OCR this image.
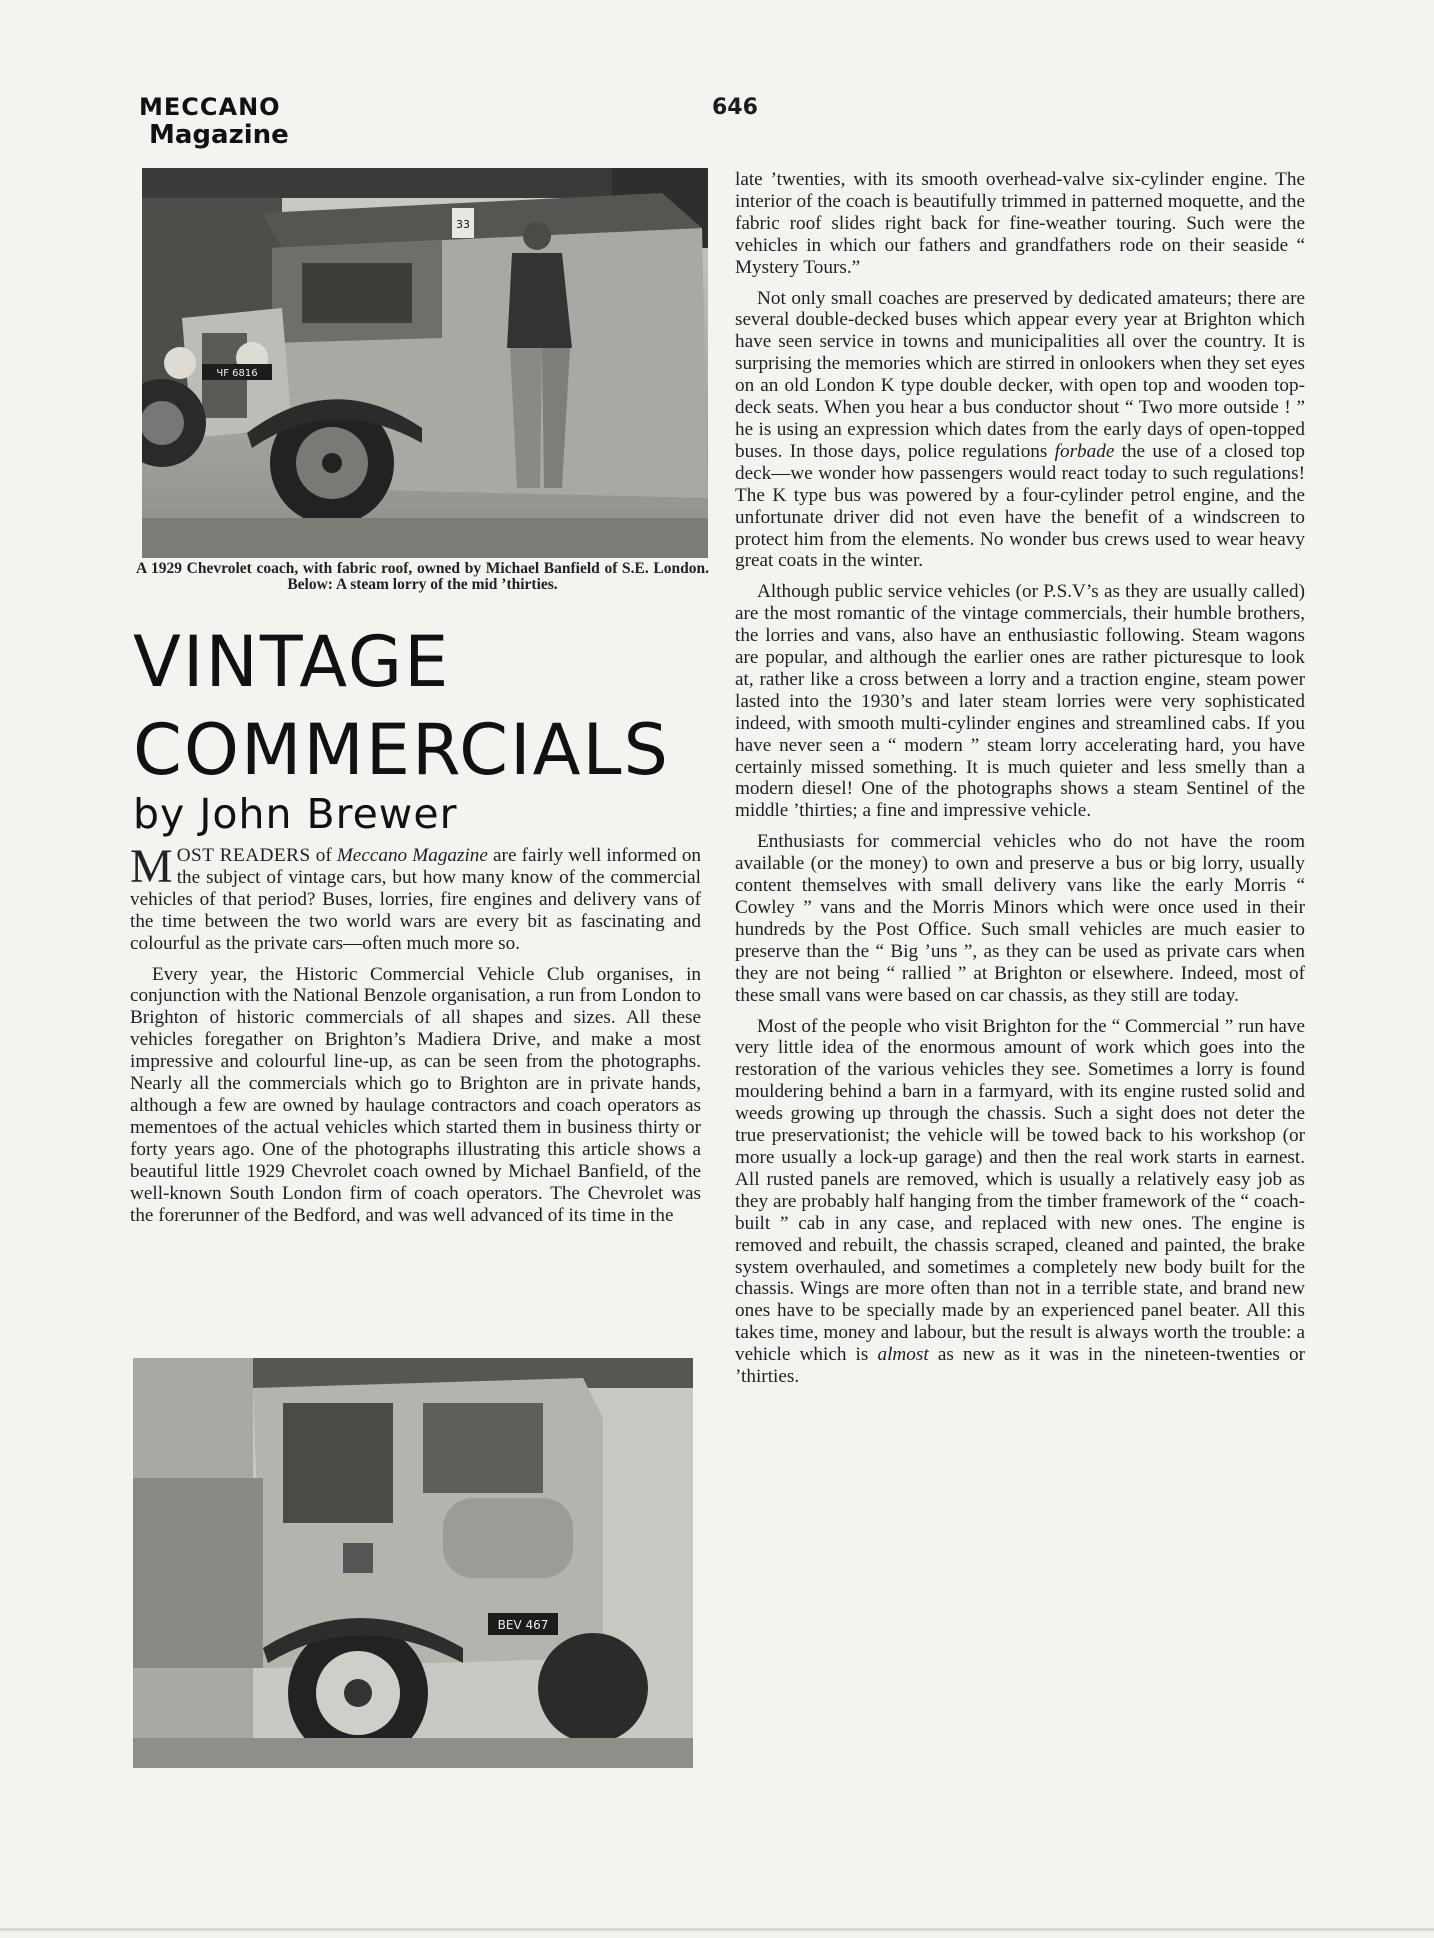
MECCANO
Magazine
646
ЧF 6816
33
A 1929 Chevrolet coach, with fabric roof, owned by Michael Banfield of S.E. London. Below: A steam lorry of the mid ’thirties.
VINTAGE
COMMERCIALS
by John Brewer

MOST READERS of Meccano Magazine are fairly well informed on the subject of vintage cars, but how many know of the commercial vehicles of that period? Buses, lorries, fire engines and delivery vans of the time between the two world wars are every bit as fascinating and colourful as the private cars—often much more so.

Every year, the Historic Commercial Vehicle Club organises, in conjunction with the National Benzole organisation, a run from London to Brighton of historic commercials of all shapes and sizes. All these vehicles foregather on Brighton’s Madiera Drive, and make a most impressive and colourful line-up, as can be seen from the photographs. Nearly all the commercials which go to Brighton are in private hands, although a few are owned by haulage contractors and coach operators as mementoes of the actual vehicles which started them in business thirty or forty years ago. One of the photographs illustrating this article shows a beautiful little 1929 Chevrolet coach owned by Michael Banfield, of the well-known South London firm of coach operators. The Chevrolet was the forerunner of the Bedford, and was well advanced of its time in the

BEV 467

late ’twenties, with its smooth overhead-valve six-cylinder engine. The interior of the coach is beautifully trimmed in patterned moquette, and the fabric roof slides right back for fine-weather touring. Such were the vehicles in which our fathers and grandfathers rode on their seaside “ Mystery Tours.”

Not only small coaches are preserved by dedicated amateurs; there are several double-decked buses which appear every year at Brighton which have seen service in towns and municipalities all over the country. It is surprising the memories which are stirred in onlookers when they set eyes on an old London K type double decker, with open top and wooden top-deck seats. When you hear a bus conductor shout “ Two more outside ! ” he is using an expression which dates from the early days of open-topped buses. In those days, police regulations forbade the use of a closed top deck—we wonder how passengers would react today to such regulations! The K type bus was powered by a four-cylinder petrol engine, and the unfortunate driver did not even have the benefit of a windscreen to protect him from the elements. No wonder bus crews used to wear heavy great coats in the winter.

Although public service vehicles (or P.S.V’s as they are usually called) are the most romantic of the vintage commercials, their humble brothers, the lorries and vans, also have an enthusiastic following. Steam wagons are popular, and although the earlier ones are rather picturesque to look at, rather like a cross between a lorry and a traction engine, steam power lasted into the 1930’s and later steam lorries were very sophisticated indeed, with smooth multi-cylinder engines and streamlined cabs. If you have never seen a “ modern ” steam lorry accelerating hard, you have certainly missed something. It is much quieter and less smelly than a modern diesel! One of the photographs shows a steam Sentinel of the middle ’thirties; a fine and impressive vehicle.

Enthusiasts for commercial vehicles who do not have the room available (or the money) to own and preserve a bus or big lorry, usually content themselves with small delivery vans like the early Morris “ Cowley ” vans and the Morris Minors which were once used in their hundreds by the Post Office. Such small vehicles are much easier to preserve than the “ Big ’uns ”, as they can be used as private cars when they are not being “ rallied ” at Brighton or elsewhere. Indeed, most of these small vans were based on car chassis, as they still are today.

Most of the people who visit Brighton for the “ Commercial ” run have very little idea of the enormous amount of work which goes into the restoration of the various vehicles they see. Sometimes a lorry is found mouldering behind a barn in a farmyard, with its engine rusted solid and weeds growing up through the chassis. Such a sight does not deter the true preservationist; the vehicle will be towed back to his workshop (or more usually a lock-up garage) and then the real work starts in earnest. All rusted panels are removed, which is usually a relatively easy job as they are probably half hanging from the timber framework of the “ coach-built ” cab in any case, and replaced with new ones. The engine is removed and rebuilt, the chassis scraped, cleaned and painted, the brake system overhauled, and sometimes a completely new body built for the chassis. Wings are more often than not in a terrible state, and brand new ones have to be specially made by an experienced panel beater. All this takes time, money and labour, but the result is always worth the trouble: a vehicle which is almost as new as it was in the nineteen-twenties or ’thirties.
